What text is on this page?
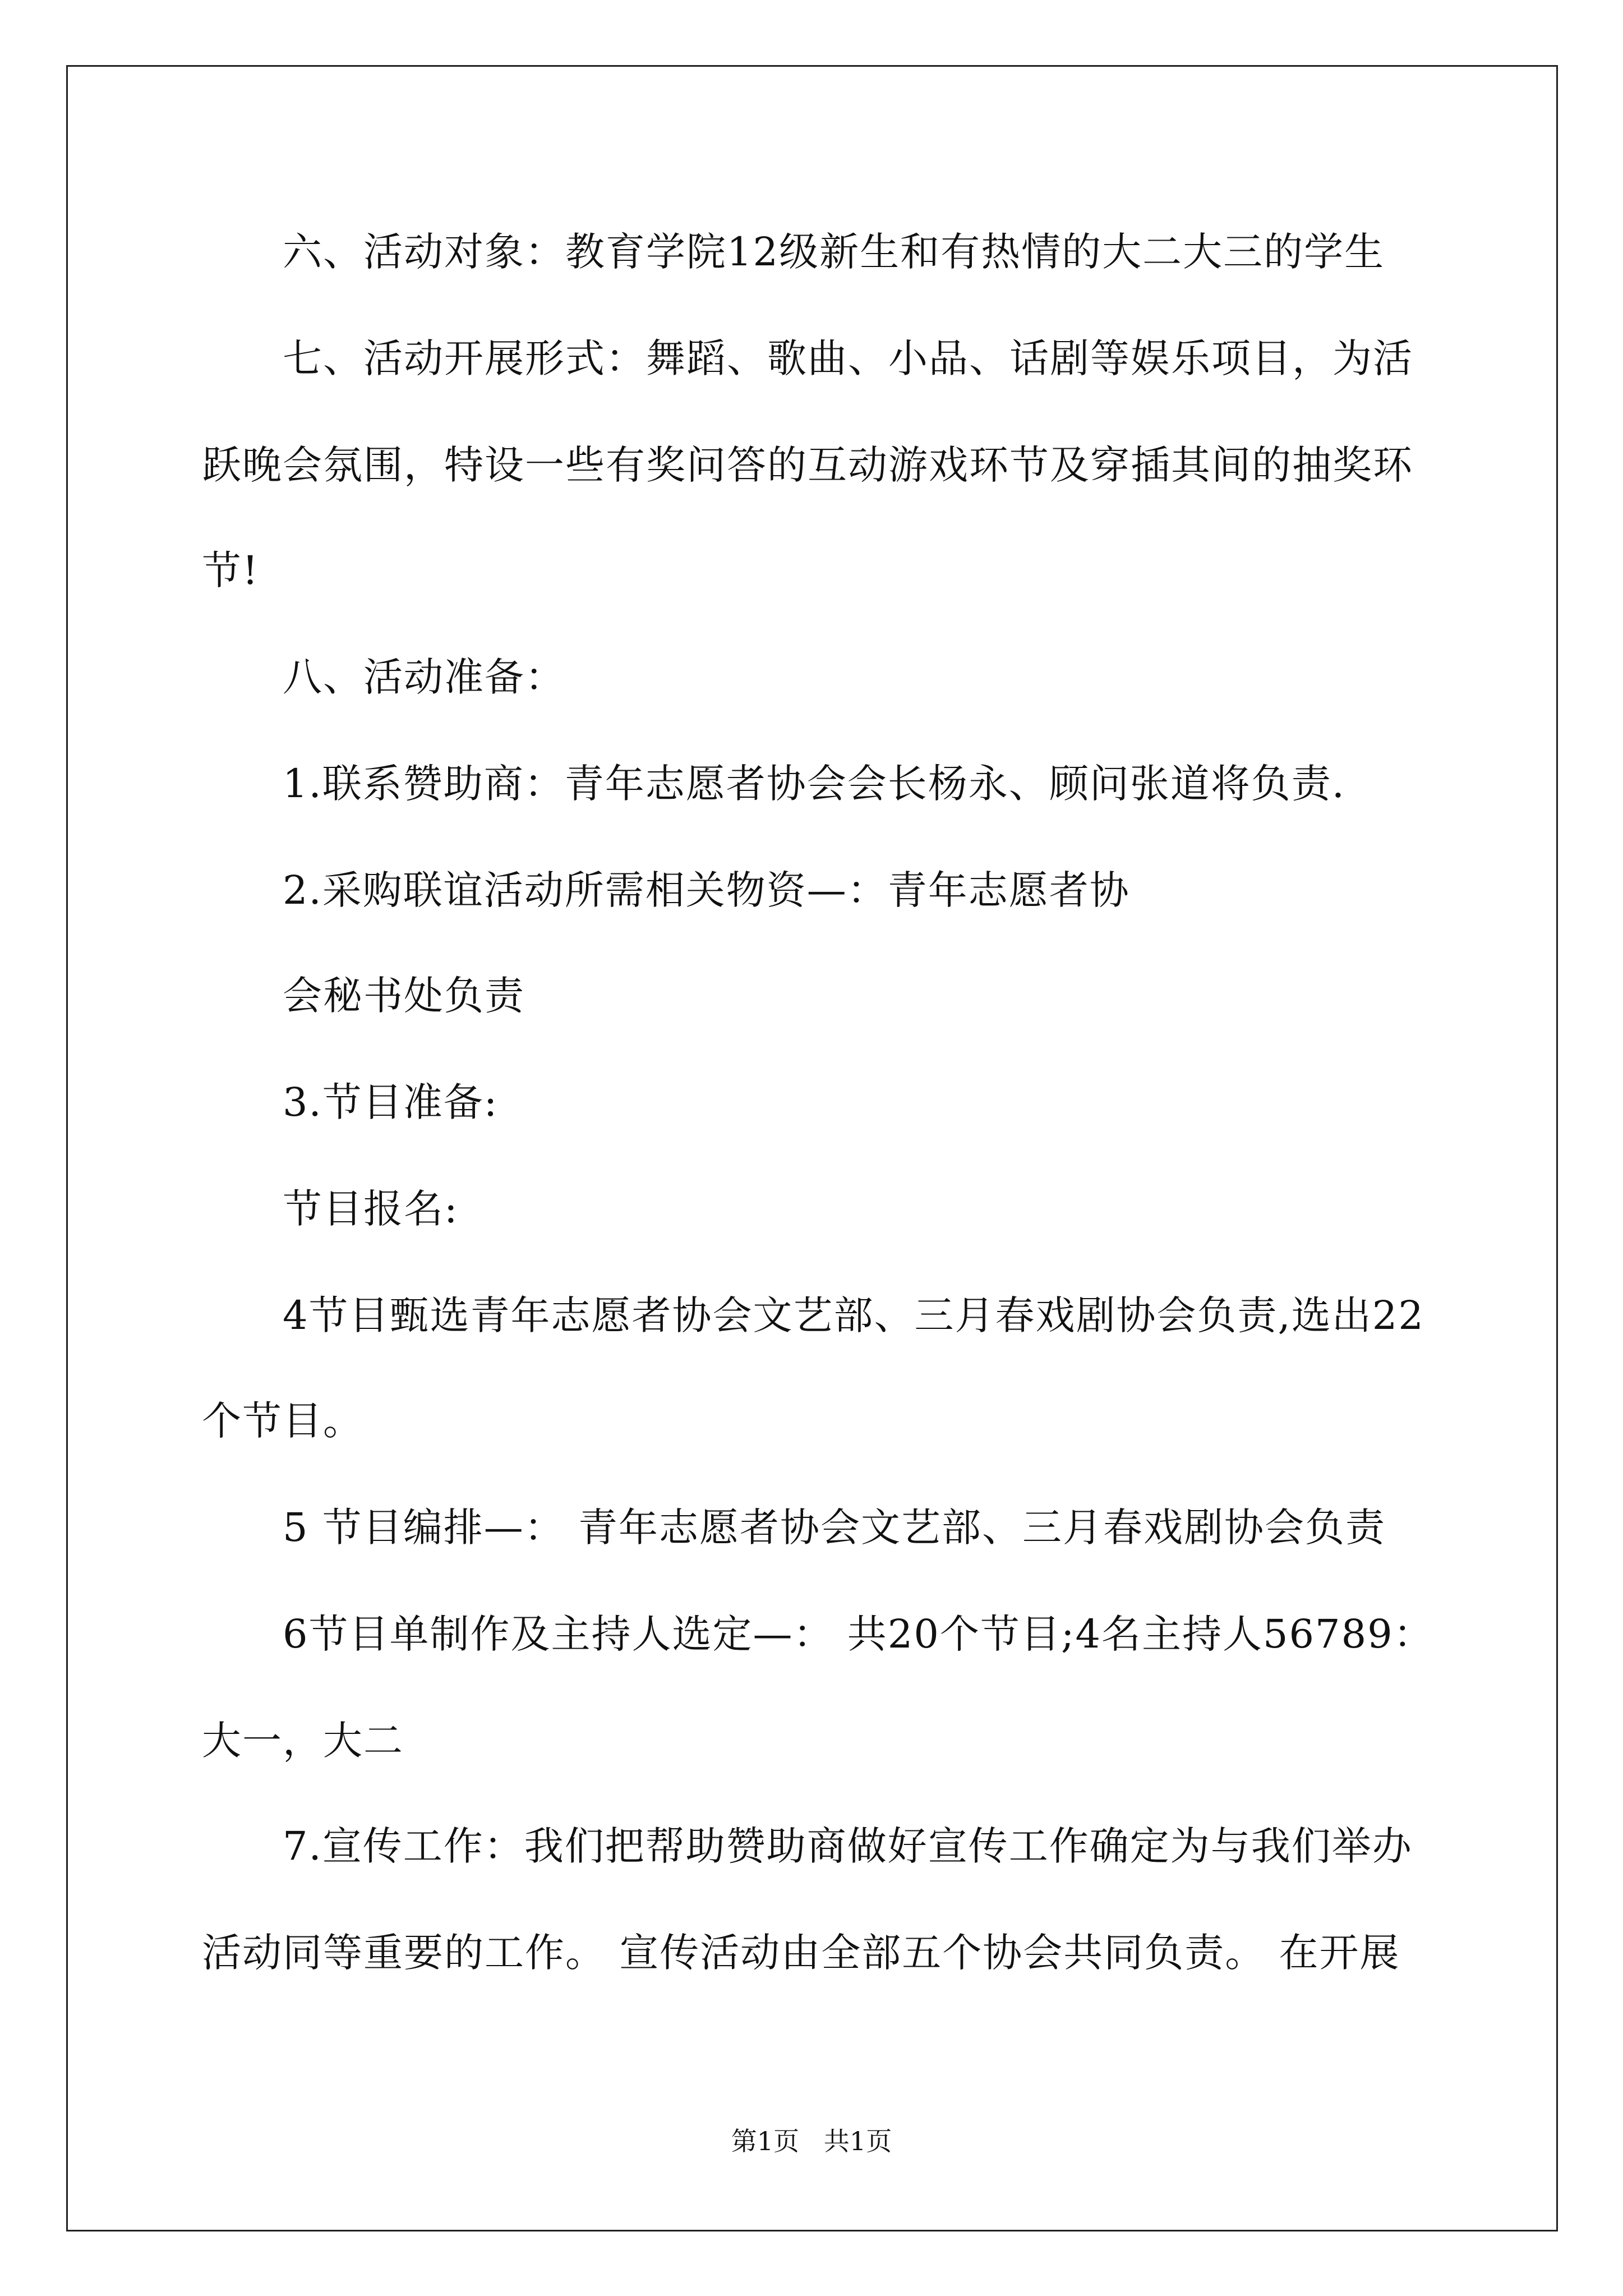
六、活动对象：教育学院12级新生和有热情的大二大三的学生
七、活动开展形式：舞蹈、歌曲、小品、话剧等娱乐项目，为活
跃晚会氛围，特设一些有奖问答的互动游戏环节及穿插其间的抽奖环
节!
八、活动准备：
1.联系赞助商：青年志愿者协会会长杨永、顾问张道将负责.
2.采购联谊活动所需相关物资—：青年志愿者协
会秘书处负责
3.节目准备:
节目报名:
4节目甄选青年志愿者协会文艺部、三月春戏剧协会负责,选出22
个节目。
5 节目编排—： 青年志愿者协会文艺部、三月春戏剧协会负责
6节目单制作及主持人选定—： 共20个节目;4名主持人56789：
大一，大二
7.宣传工作：我们把帮助赞助商做好宣传工作确定为与我们举办
活动同等重要的工作。 宣传活动由全部五个协会共同负责。 在开展
第1页   共1页
